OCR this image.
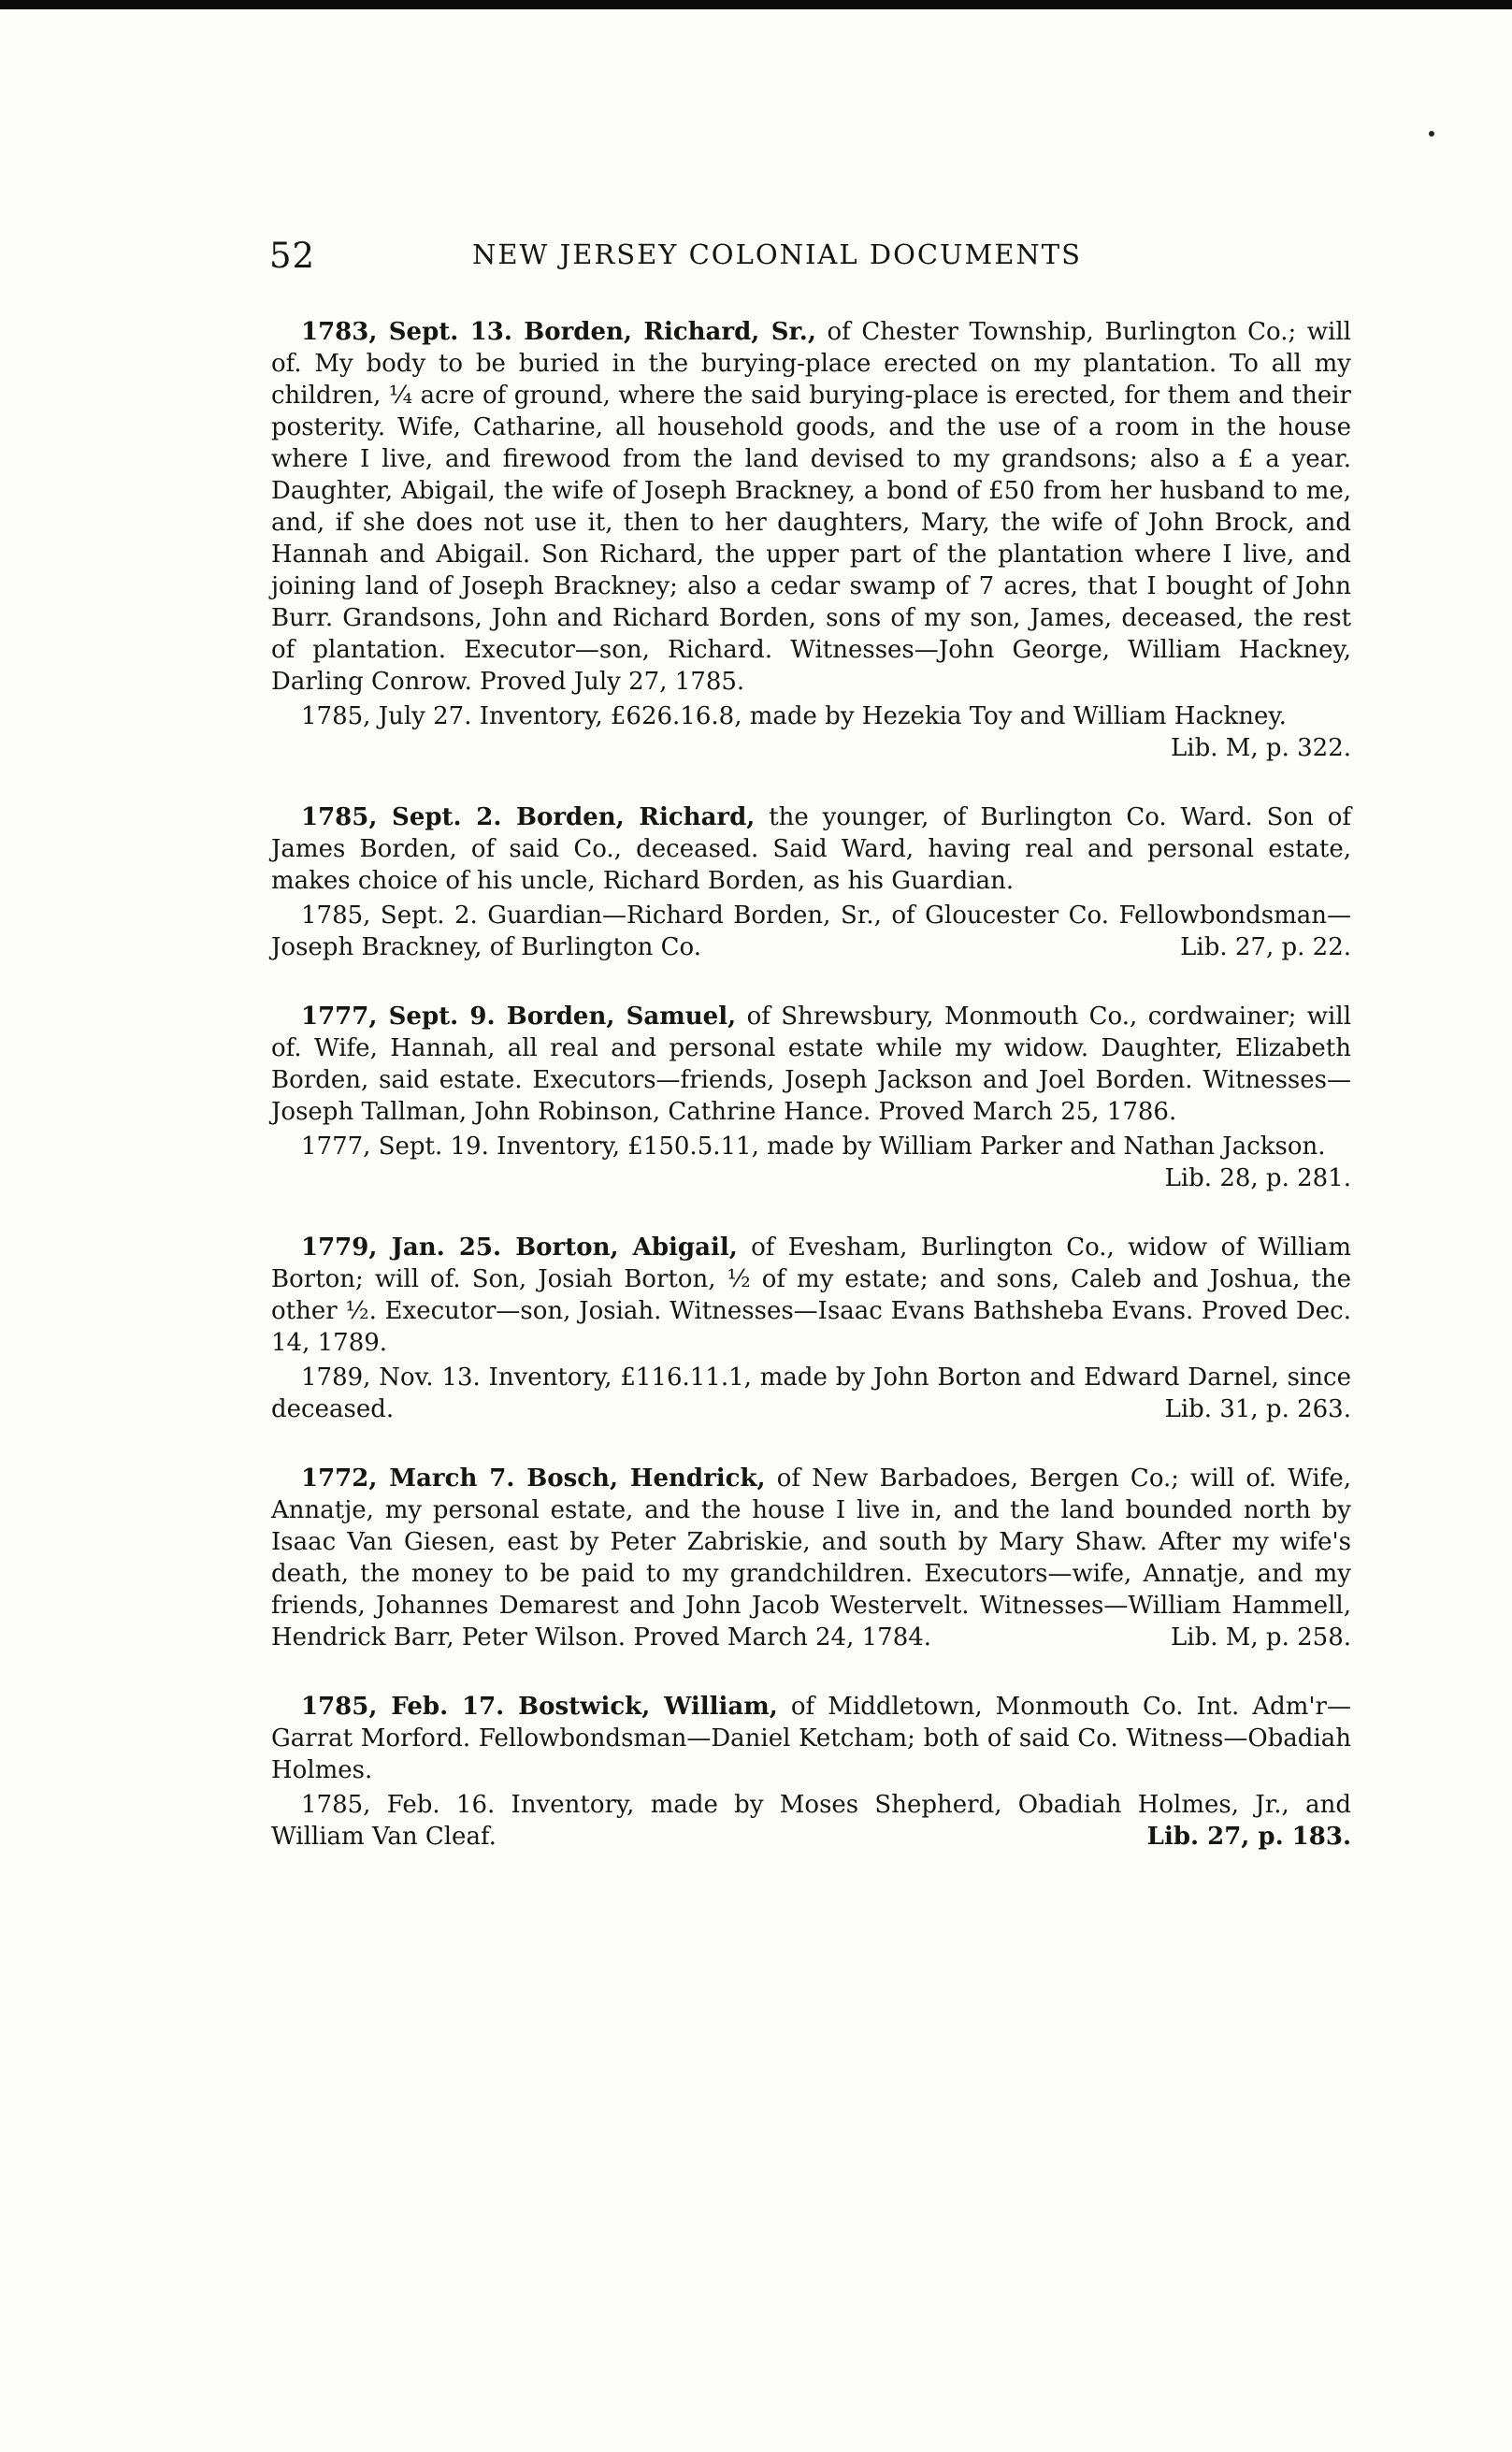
52	NEW JERSEY COLONIAL DOCUMENTS

1783, Sept. 13. Borden, Richard, Sr., of Chester Township, Burlington Co.; will of. My body to be buried in the burying-place erected on my plantation. To all my children, ¼ acre of ground, where the said burying-place is erected, for them and their posterity. Wife, Catharine, all household goods, and the use of a room in the house where I live, and firewood from the land devised to my grandsons; also a £ a year. Daughter, Abigail, the wife of Joseph Brackney, a bond of £50 from her husband to me, and, if she does not use it, then to her daughters, Mary, the wife of John Brock, and Hannah and Abigail. Son Richard, the upper part of the plantation where I live, and joining land of Joseph Brackney; also a cedar swamp of 7 acres, that I bought of John Burr. Grandsons, John and Richard Borden, sons of my son, James, deceased, the rest of plantation. Executor—son, Richard. Witnesses—John George, William Hackney, Darling Conrow. Proved July 27, 1785.

1785, July 27. Inventory, £626.16.8, made by Hezekia Toy and William Hackney.
Lib. M, p. 322.

1785, Sept. 2. Borden, Richard, the younger, of Burlington Co. Ward. Son of James Borden, of said Co., deceased. Said Ward, having real and personal estate, makes choice of his uncle, Richard Borden, as his Guardian.

1785, Sept. 2. Guardian—Richard Borden, Sr., of Gloucester Co. Fellowbondsman—Joseph Brackney, of Burlington Co.	Lib. 27, p. 22.

1777, Sept. 9. Borden, Samuel, of Shrewsbury, Monmouth Co., cordwainer; will of. Wife, Hannah, all real and personal estate while my widow. Daughter, Elizabeth Borden, said estate. Executors—friends, Joseph Jackson and Joel Borden. Witnesses—Joseph Tallman, John Robinson, Cathrine Hance. Proved March 25, 1786.

1777, Sept. 19. Inventory, £150.5.11, made by William Parker and Nathan Jackson.
Lib. 28, p. 281.

1779, Jan. 25. Borton, Abigail, of Evesham, Burlington Co., widow of William Borton; will of. Son, Josiah Borton, ½ of my estate; and sons, Caleb and Joshua, the other ½. Executor—son, Josiah. Witnesses—Isaac Evans Bathsheba Evans. Proved Dec. 14, 1789.

1789, Nov. 13. Inventory, £116.11.1, made by John Borton and Edward Darnel, since deceased.	Lib. 31, p. 263.

1772, March 7. Bosch, Hendrick, of New Barbadoes, Bergen Co.; will of. Wife, Annatje, my personal estate, and the house I live in, and the land bounded north by Isaac Van Giesen, east by Peter Zabriskie, and south by Mary Shaw. After my wife's death, the money to be paid to my grandchildren. Executors—wife, Annatje, and my friends, Johannes Demarest and John Jacob Westervelt. Witnesses—William Hammell, Hendrick Barr, Peter Wilson. Proved March 24, 1784.	Lib. M, p. 258.

1785, Feb. 17. Bostwick, William, of Middletown, Monmouth Co. Int. Adm'r—Garrat Morford. Fellowbondsman—Daniel Ketcham; both of said Co. Witness—Obadiah Holmes.

1785, Feb. 16. Inventory, made by Moses Shepherd, Obadiah Holmes, Jr., and William Van Cleaf.	Lib. 27, p. 183.
